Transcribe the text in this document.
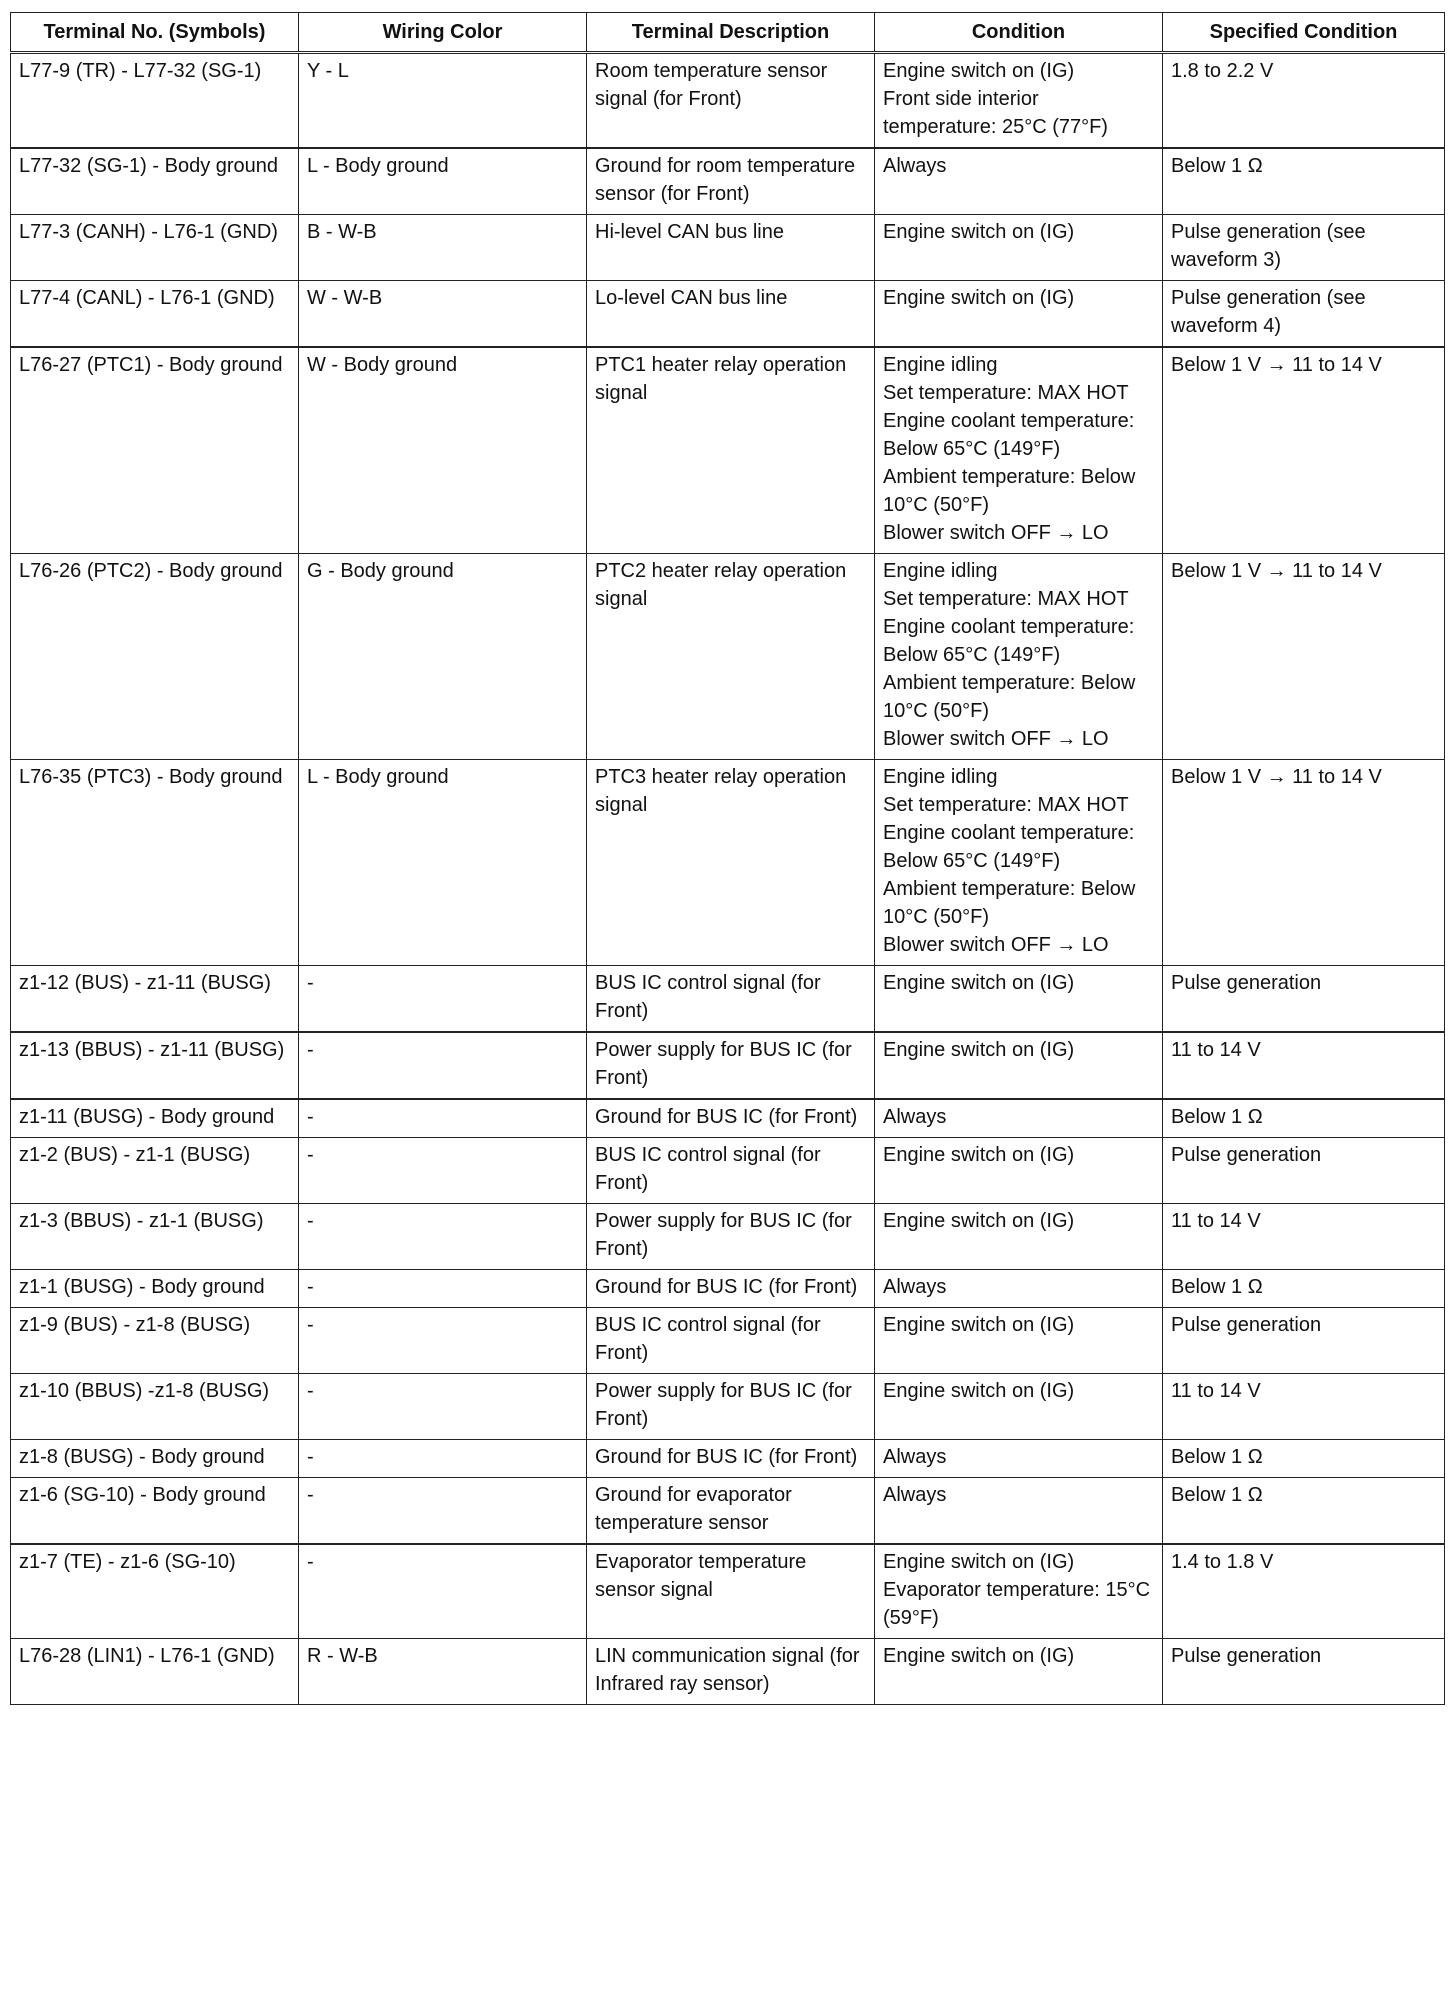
Terminal No. (Symbols)	Wiring Color	Terminal Description	Condition	Specified Condition
L77-9 (TR) - L77-32 (SG-1)	Y - L	Room temperature sensor signal (for Front)	Engine switch on (IG)
Front side interior temperature: 25°C (77°F)	1.8 to 2.2 V
L77-32 (SG-1) - Body ground	L - Body ground	Ground for room temperature sensor (for Front)	Always	Below 1 Ω
L77-3 (CANH) - L76-1 (GND)	B - W-B	Hi-level CAN bus line	Engine switch on (IG)	Pulse generation (see waveform 3)
L77-4 (CANL) - L76-1 (GND)	W - W-B	Lo-level CAN bus line	Engine switch on (IG)	Pulse generation (see waveform 4)
L76-27 (PTC1) - Body ground	W - Body ground	PTC1 heater relay operation signal	Engine idling
Set temperature: MAX HOT
Engine coolant temperature: Below 65°C (149°F)
Ambient temperature: Below 10°C (50°F)
Blower switch OFF → LO	Below 1 V → 11 to 14 V
L76-26 (PTC2) - Body ground	G - Body ground	PTC2 heater relay operation signal	Engine idling
Set temperature: MAX HOT
Engine coolant temperature: Below 65°C (149°F)
Ambient temperature: Below 10°C (50°F)
Blower switch OFF → LO	Below 1 V → 11 to 14 V
L76-35 (PTC3) - Body ground	L - Body ground	PTC3 heater relay operation signal	Engine idling
Set temperature: MAX HOT
Engine coolant temperature: Below 65°C (149°F)
Ambient temperature: Below 10°C (50°F)
Blower switch OFF → LO	Below 1 V → 11 to 14 V
z1-12 (BUS) - z1-11 (BUSG)	-	BUS IC control signal (for Front)	Engine switch on (IG)	Pulse generation
z1-13 (BBUS) - z1-11 (BUSG)	-	Power supply for BUS IC (for Front)	Engine switch on (IG)	11 to 14 V
z1-11 (BUSG) - Body ground	-	Ground for BUS IC (for Front)	Always	Below 1 Ω
z1-2 (BUS) - z1-1 (BUSG)	-	BUS IC control signal (for Front)	Engine switch on (IG)	Pulse generation
z1-3 (BBUS) - z1-1 (BUSG)	-	Power supply for BUS IC (for Front)	Engine switch on (IG)	11 to 14 V
z1-1 (BUSG) - Body ground	-	Ground for BUS IC (for Front)	Always	Below 1 Ω
z1-9 (BUS) - z1-8 (BUSG)	-	BUS IC control signal (for Front)	Engine switch on (IG)	Pulse generation
z1-10 (BBUS) -z1-8 (BUSG)	-	Power supply for BUS IC (for Front)	Engine switch on (IG)	11 to 14 V
z1-8 (BUSG) - Body ground	-	Ground for BUS IC (for Front)	Always	Below 1 Ω
z1-6 (SG-10) - Body ground	-	Ground for evaporator temperature sensor	Always	Below 1 Ω
z1-7 (TE) - z1-6 (SG-10)	-	Evaporator temperature sensor signal	Engine switch on (IG)
Evaporator temperature: 15°C (59°F)	1.4 to 1.8 V
L76-28 (LIN1) - L76-1 (GND)	R - W-B	LIN communication signal (for Infrared ray sensor)	Engine switch on (IG)	Pulse generation
